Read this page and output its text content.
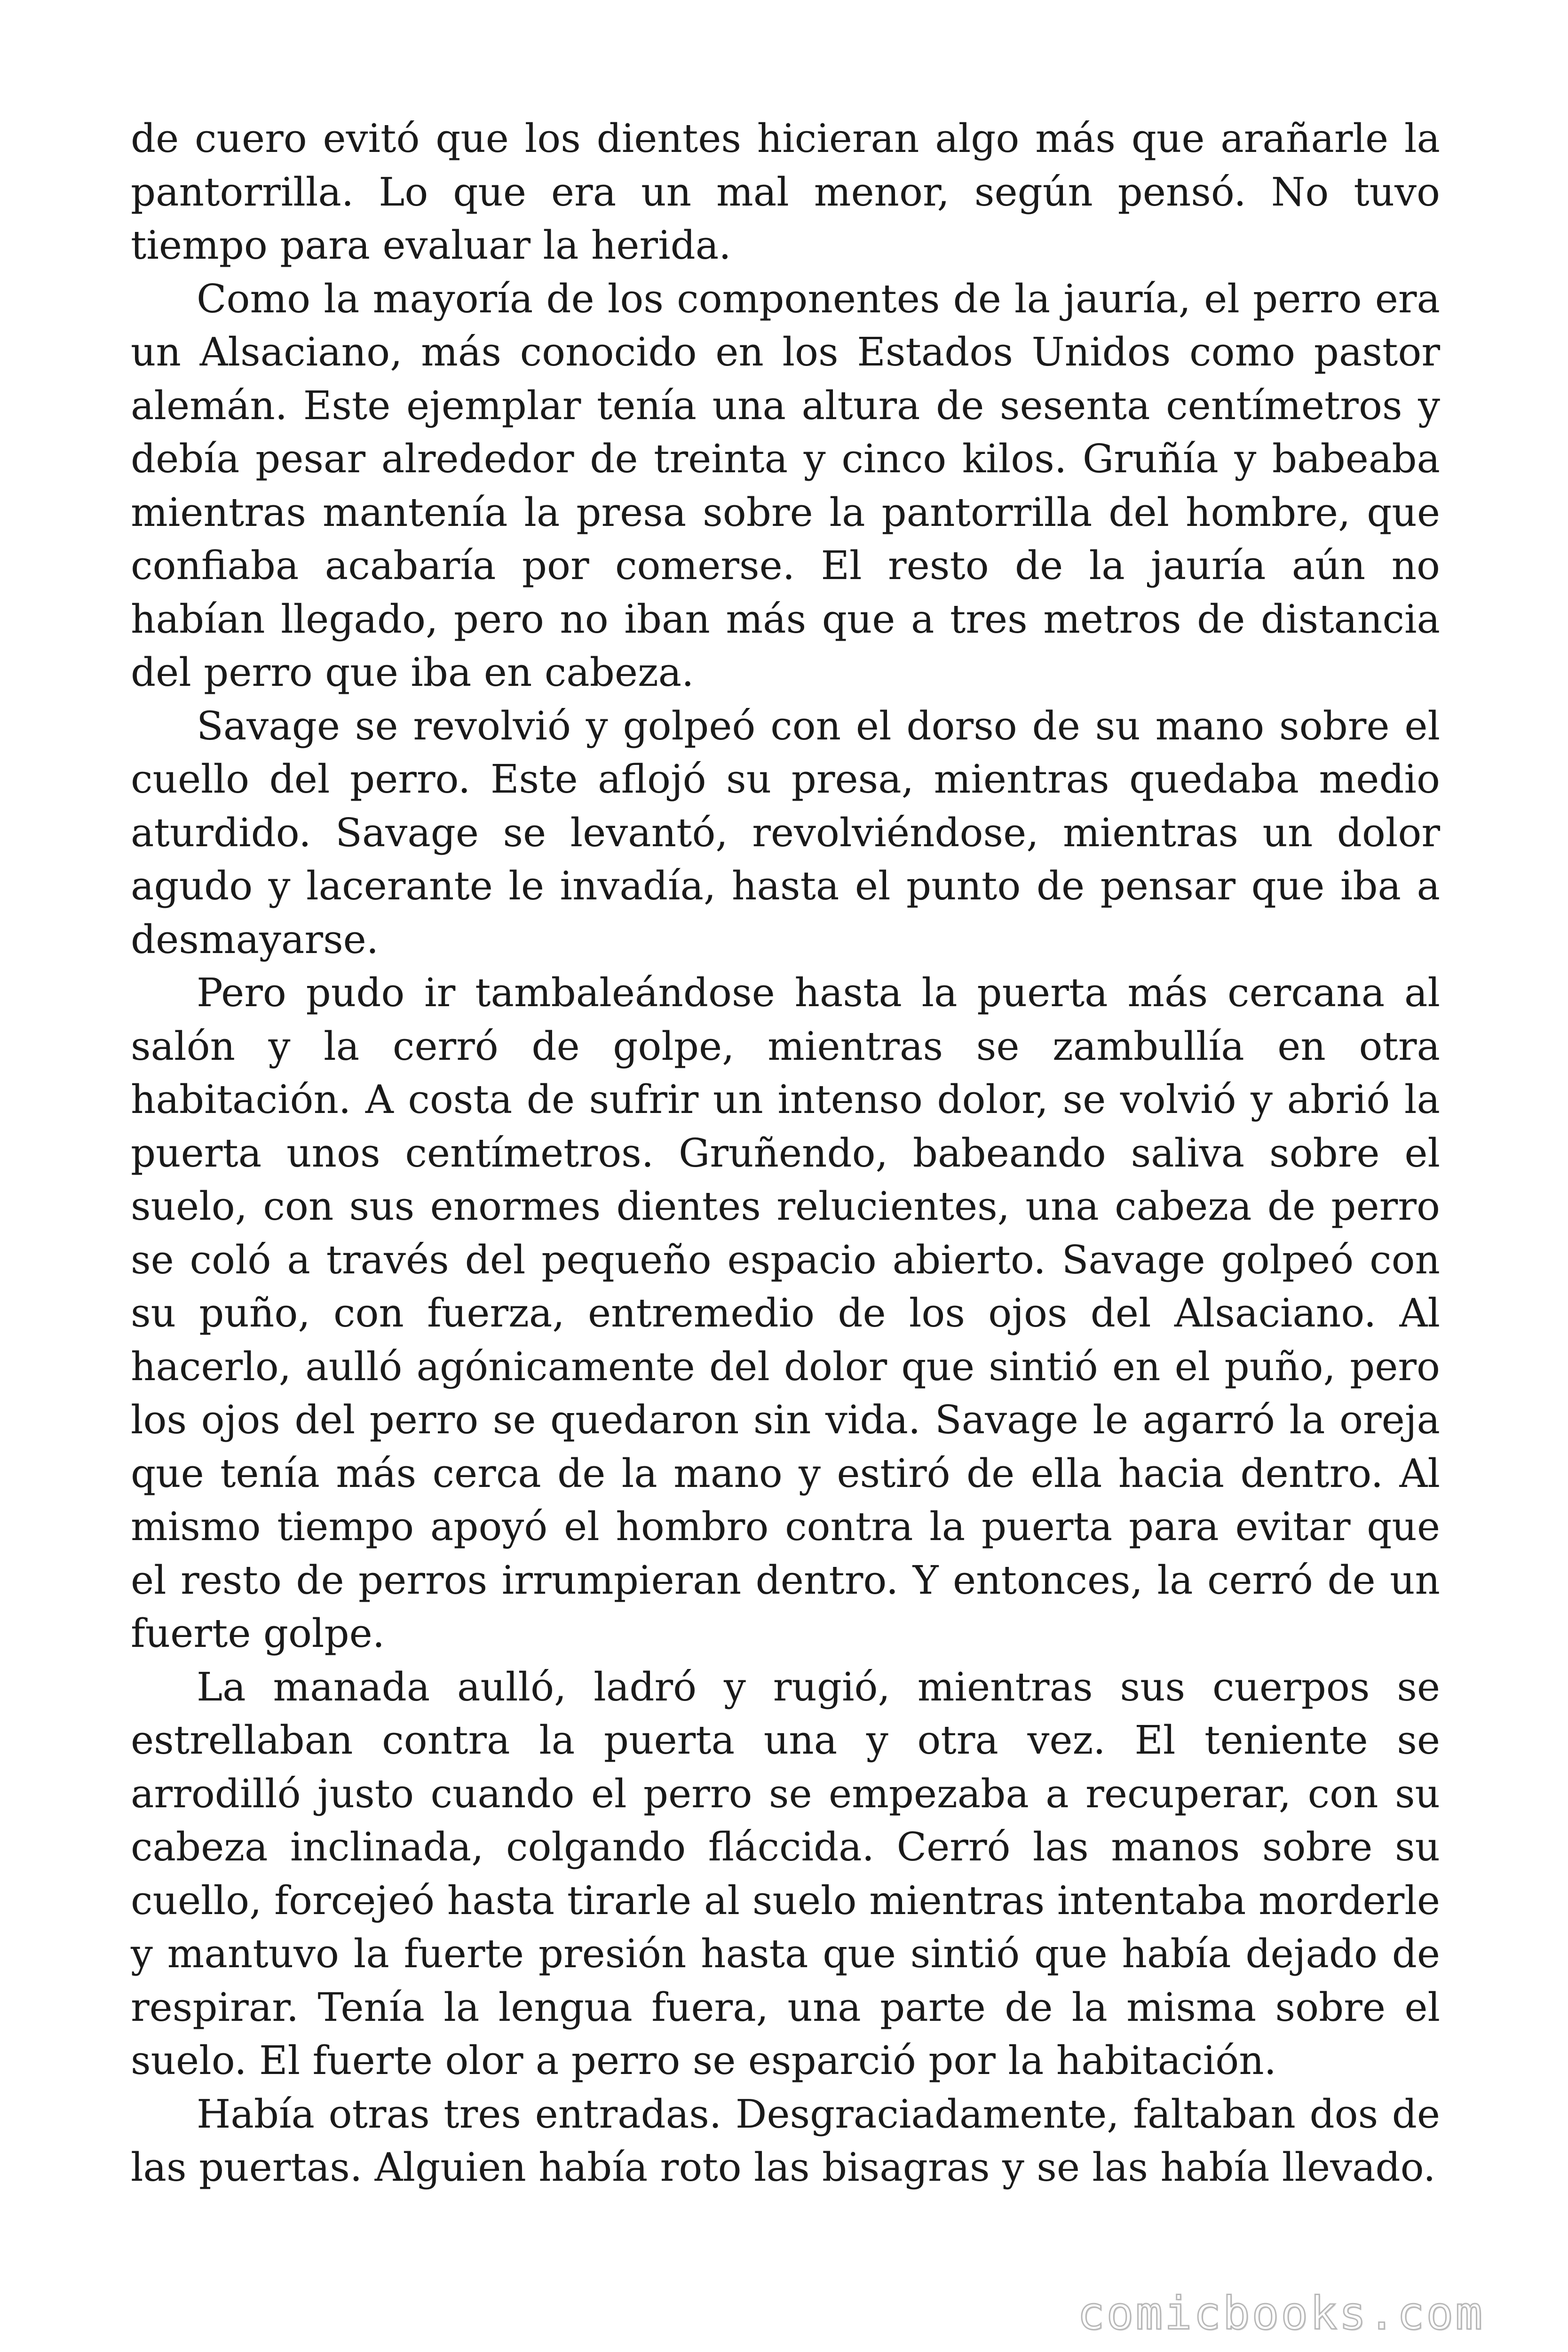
de cuero evitó que los dientes hicieran algo más que arañarle la pantorrilla. Lo que era un mal menor, según pensó. No tuvo tiempo para evaluar la herida.

Como la mayoría de los componentes de la jauría, el perro era un Alsaciano, más conocido en los Estados Unidos como pastor alemán. Este ejemplar tenía una altura de sesenta centímetros y debía pesar alrededor de treinta y cinco kilos. Gruñía y babeaba mientras mantenía la presa sobre la pantorrilla del hombre, que confiaba acabaría por comerse. El resto de la jauría aún no habían llegado, pero no iban más que a tres metros de distancia del perro que iba en cabeza.

Savage se revolvió y golpeó con el dorso de su mano sobre el cuello del perro. Este aflojó su presa, mientras quedaba medio aturdido. Savage se levantó, revolviéndose, mientras un dolor agudo y lacerante le invadía, hasta el punto de pensar que iba a desmayarse.

Pero pudo ir tambaleándose hasta la puerta más cercana al salón y la cerró de golpe, mientras se zambullía en otra habitación. A costa de sufrir un intenso dolor, se volvió y abrió la puerta unos centímetros. Gruñendo, babeando saliva sobre el suelo, con sus enormes dientes relucientes, una cabeza de perro se coló a través del pequeño espacio abierto. Savage golpeó con su puño, con fuerza, entremedio de los ojos del Alsaciano. Al hacerlo, aulló agónicamente del dolor que sintió en el puño, pero los ojos del perro se quedaron sin vida. Savage le agarró la oreja que tenía más cerca de la mano y estiró de ella hacia dentro. Al mismo tiempo apoyó el hombro contra la puerta para evitar que el resto de perros irrumpieran dentro. Y entonces, la cerró de un fuerte golpe.

La manada aulló, ladró y rugió, mientras sus cuerpos se estrellaban contra la puerta una y otra vez. El teniente se arrodilló justo cuando el perro se empezaba a recuperar, con su cabeza inclinada, colgando fláccida. Cerró las manos sobre su cuello, forcejeó hasta tirarle al suelo mientras intentaba morderle y mantuvo la fuerte presión hasta que sintió que había dejado de respirar. Tenía la lengua fuera, una parte de la misma sobre el suelo. El fuerte olor a perro se esparció por la habitación.

Había otras tres entradas. Desgraciadamente, faltaban dos de las puertas. Alguien había roto las bisagras y se las había llevado.

comicbooks.com
